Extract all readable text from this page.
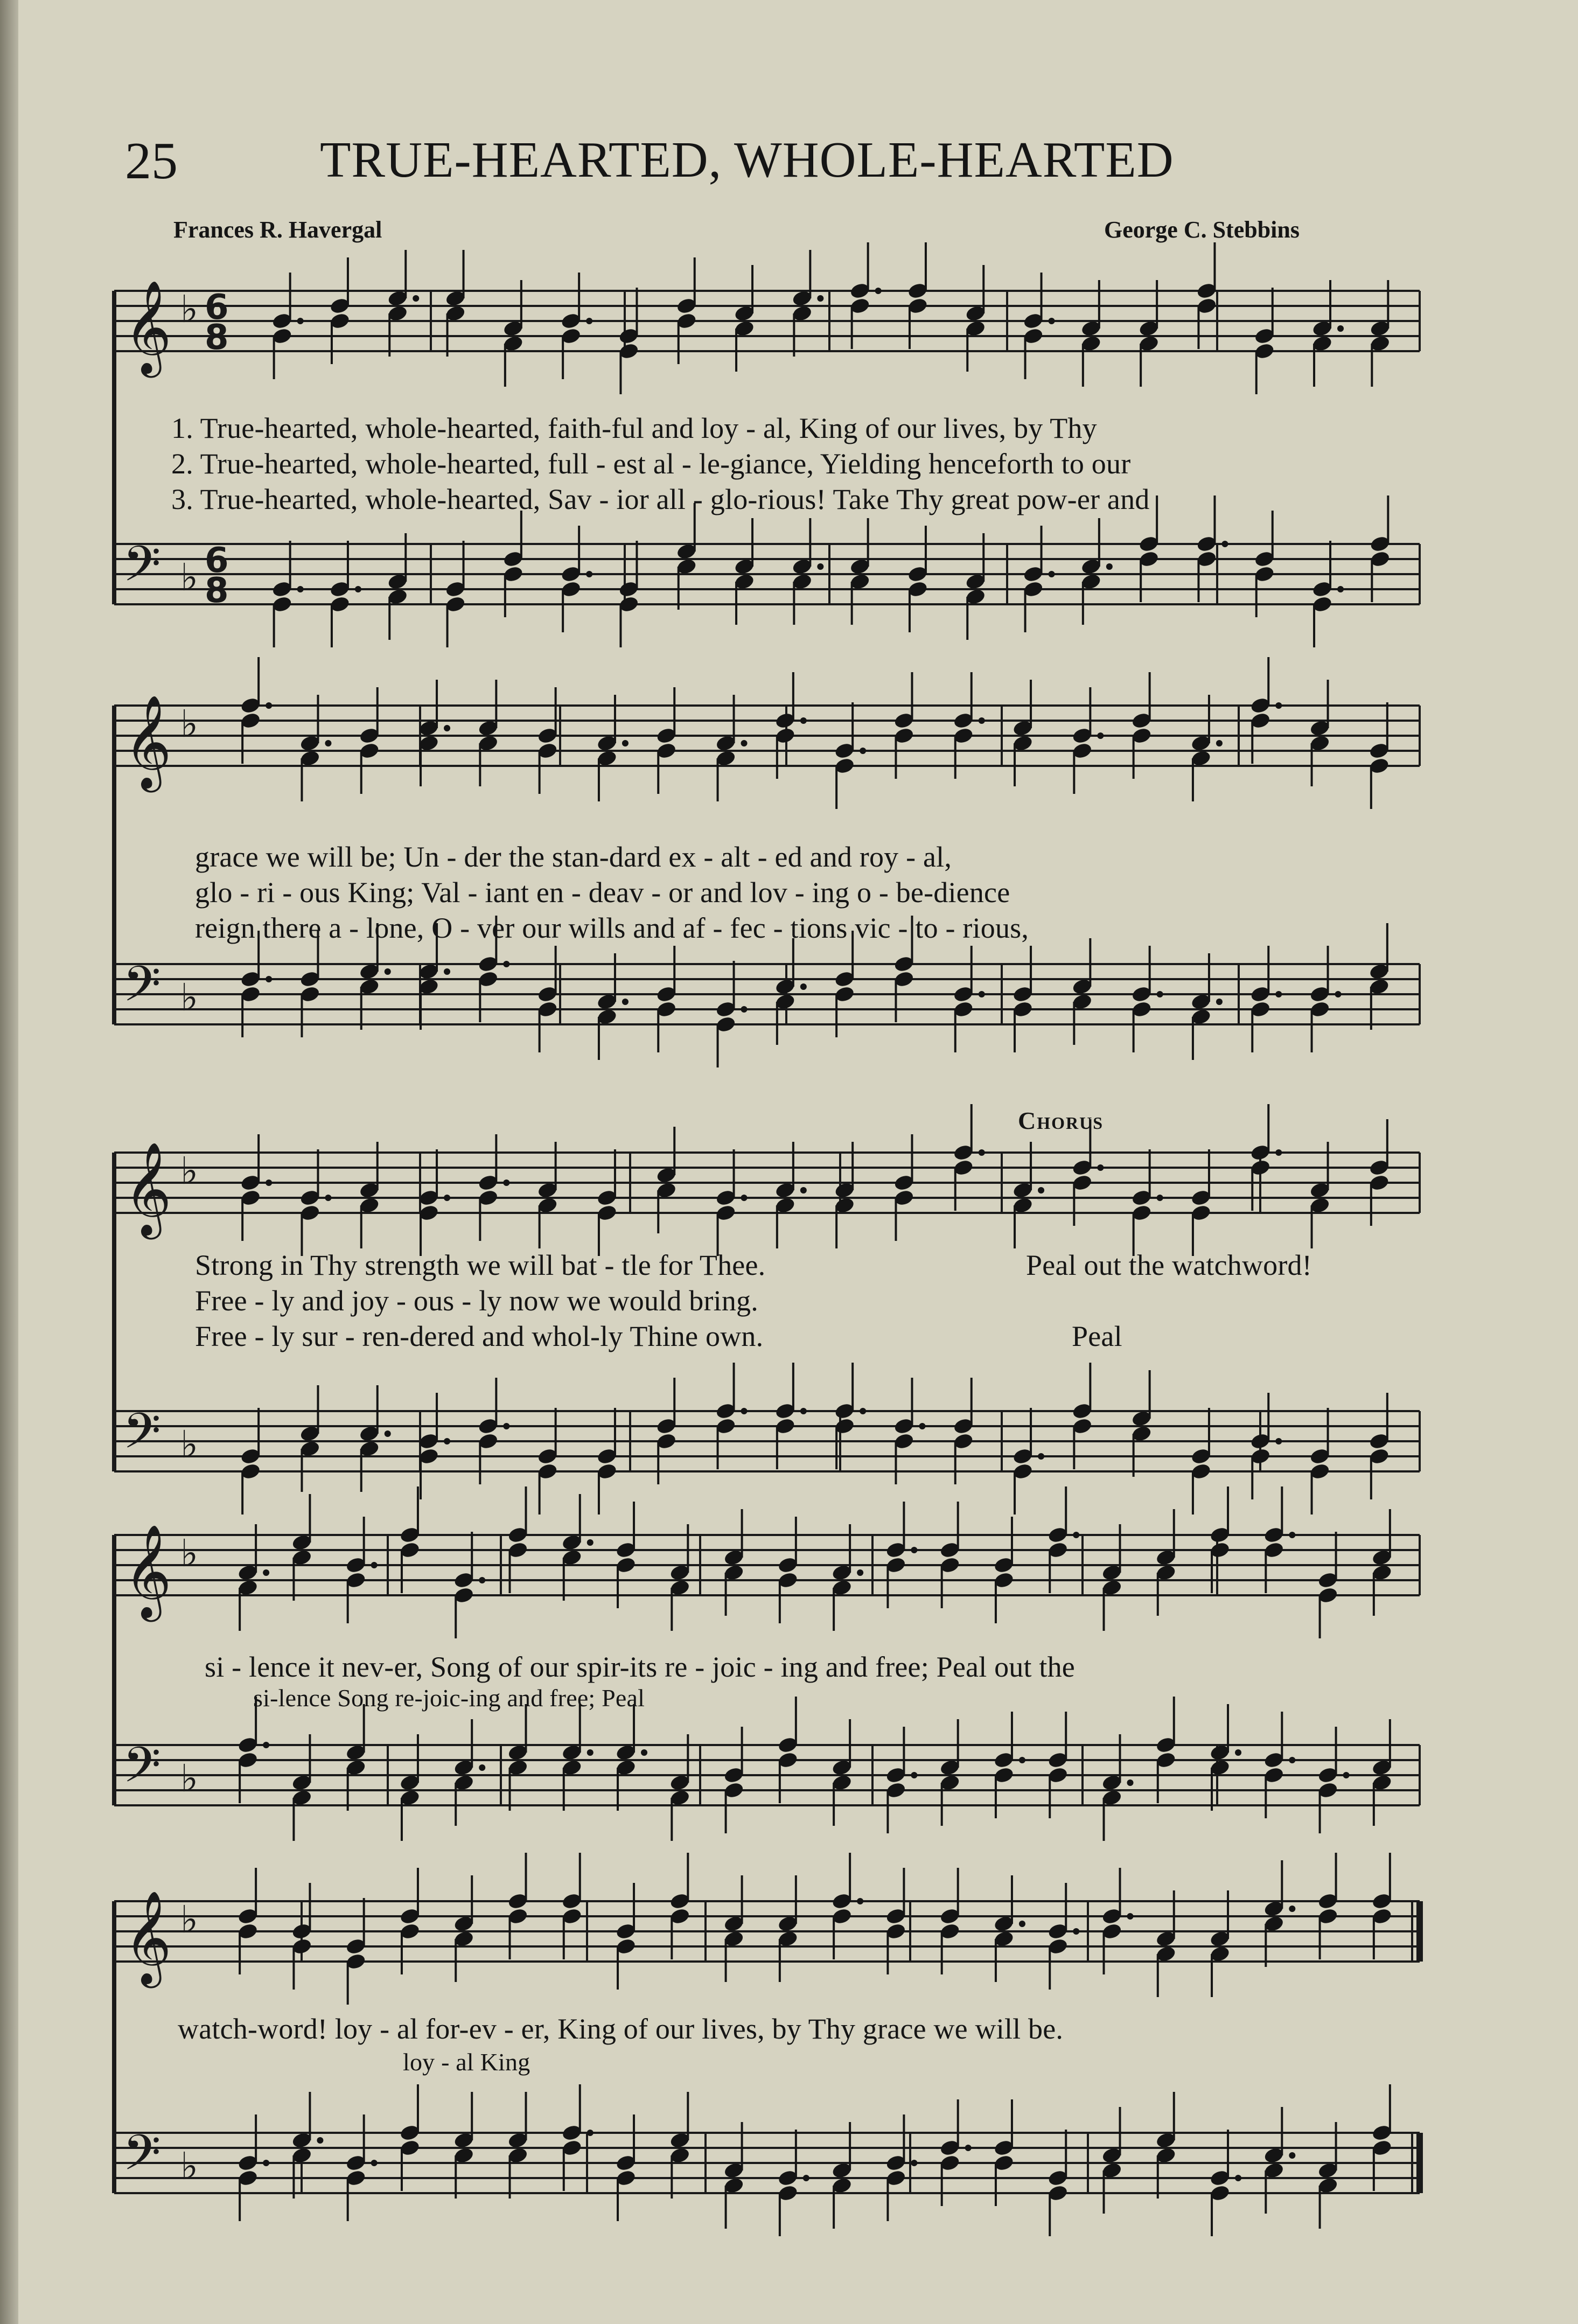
25	TRUE-HEARTED, WHOLE-HEARTED
Frances R. Havergal	George C. Stebbins
𝄞
𝄢
♭
♭
6
8
6
8
1. True-hearted, whole-hearted, faith-ful and loy - al, King of our lives, by Thy
2. True-hearted, whole-hearted, full - est al - le-giance, Yielding henceforth to our
3. True-hearted, whole-hearted, Sav - ior all - glo-rious! Take Thy great pow-er and
𝄞
𝄢
♭
♭
grace we will be; Un - der the stan-dard ex - alt - ed and roy - al,
glo - ri - ous King; Val - iant en - deav - or and lov - ing o - be-dience
reign there a - lone, O - ver our wills and af - fec - tions vic - to - rious,
Chorus
𝄞
𝄢
♭
♭
Strong in Thy strength we will bat - tle for Thee.
Free - ly and joy - ous - ly now we would bring.
Free - ly sur - ren-dered and whol-ly Thine own.
Peal out the watchword!
Peal
𝄞
𝄢
♭
♭
si - lence it nev-er, Song of our spir-its re - joic - ing and free; Peal out the
si-lence Song re-joic-ing and free; Peal
𝄞
𝄢
♭
♭
watch-word! loy - al for-ev - er, King of our lives, by Thy grace we will be.
loy - al King
